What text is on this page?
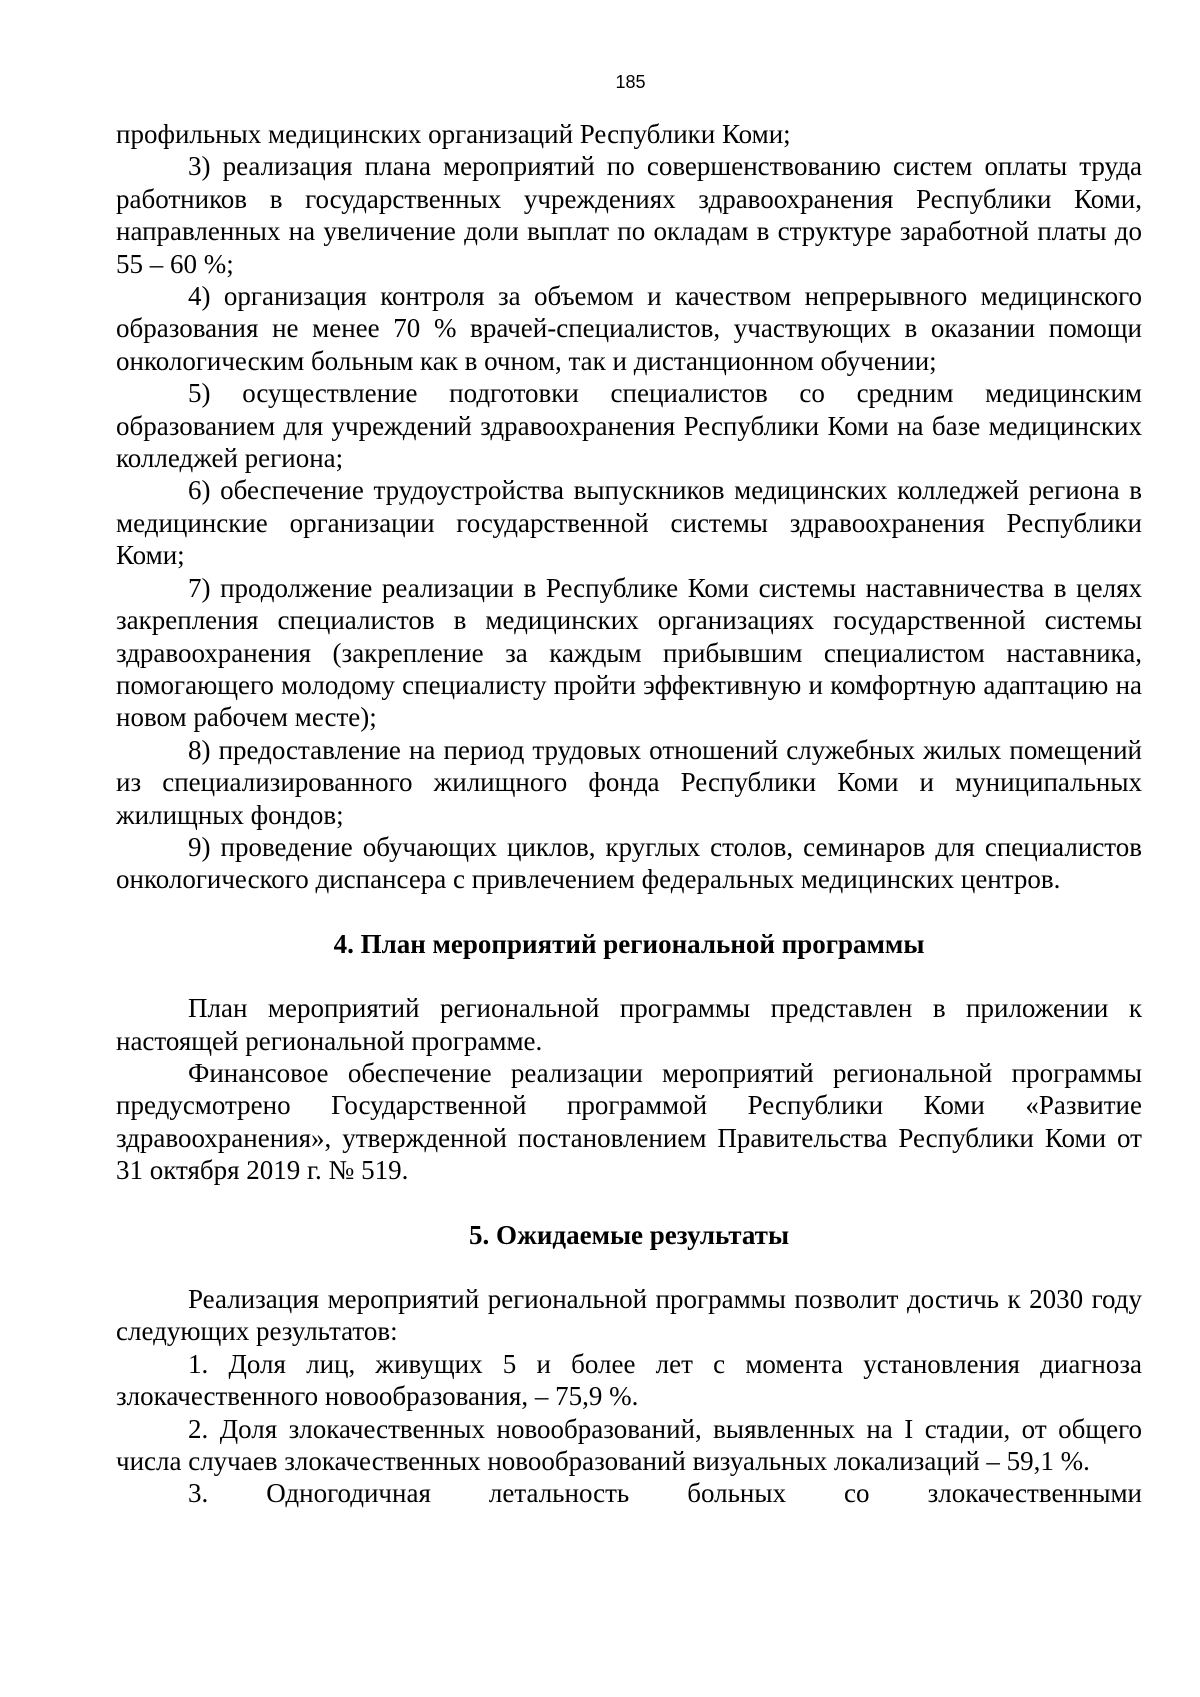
185

профильных медицинских организаций Республики Коми;

3) реализация плана мероприятий по совершенствованию систем оплаты труда работников в государственных учреждениях здравоохранения Республики Коми, направленных на увеличение доли выплат по окладам в структуре заработной платы до 55 – 60 %;

4) организация контроля за объемом и качеством непрерывного медицинского образования не менее 70 % врачей-специалистов, участвующих в оказании помощи онкологическим больным как в очном, так и дистанционном обучении;

5) осуществление подготовки специалистов со средним медицинским образованием для учреждений здравоохранения Республики Коми на базе медицинских колледжей региона;

6) обеспечение трудоустройства выпускников медицинских колледжей региона в медицинские организации государственной системы здравоохранения Республики Коми;

7) продолжение реализации в Республике Коми системы наставничества в целях закрепления специалистов в медицинских организациях государственной системы здравоохранения (закрепление за каждым прибывшим специалистом наставника, помогающего молодому специалисту пройти эффективную и комфортную адаптацию на новом рабочем месте);

8) предоставление на период трудовых отношений служебных жилых помещений из специализированного жилищного фонда Республики Коми и муниципальных жилищных фондов;

9) проведение обучающих циклов, круглых столов, семинаров для специалистов онкологического диспансера с привлечением федеральных медицинских центров.

4. План мероприятий региональной программы

План мероприятий региональной программы представлен в приложении к настоящей региональной программе.

Финансовое обеспечение реализации мероприятий региональной программы предусмотрено Государственной программой Республики Коми «Развитие здравоохранения», утвержденной постановлением Правительства Республики Коми от 31 октября 2019 г. № 519.

5. Ожидаемые результаты

Реализация мероприятий региональной программы позволит достичь к 2030 году следующих результатов:

1. Доля лиц, живущих 5 и более лет с момента установления диагноза злокачественного новообразования, – 75,9 %.

2. Доля злокачественных новообразований, выявленных на I стадии, от общего числа случаев злокачественных новообразований визуальных локализаций – 59,1 %.

3. Одногодичная летальность больных со злокачественными
